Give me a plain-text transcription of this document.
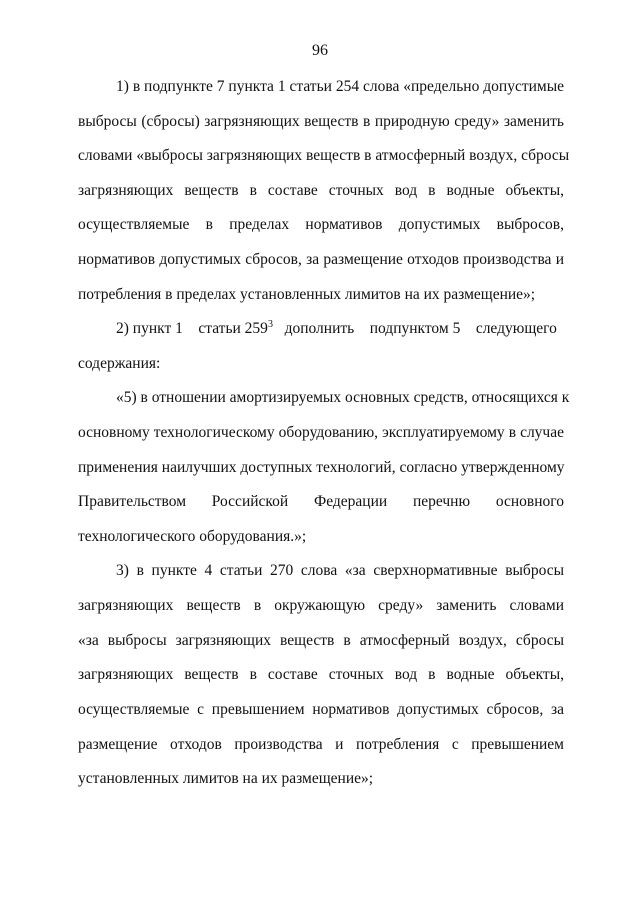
96
1) в подпункте 7 пункта 1 статьи 254 слова «предельно допустимые
выбросы (сбросы) загрязняющих веществ в природную среду» заменить
словами «выбросы загрязняющих веществ в атмосферный воздух, сбросы
загрязняющих веществ в составе сточных вод в водные объекты,
осуществляемые в пределах нормативов допустимых выбросов,
нормативов допустимых сбросов, за размещение отходов производства и
потребления в пределах установленных лимитов на их размещение»;
2) пункт 1    статьи $259^3$   дополнить    подпунктом 5    следующего
содержания:
«5) в отношении амортизируемых основных средств, относящихся к
основному технологическому оборудованию, эксплуатируемому в случае
применения наилучших доступных технологий, согласно утвержденному
Правительством Российской Федерации перечню основного
технологического оборудования.»;
3) в пункте 4 статьи 270 слова «за сверхнормативные выбросы
загрязняющих веществ в окружающую среду» заменить словами
«за выбросы загрязняющих веществ в атмосферный воздух, сбросы
загрязняющих веществ в составе сточных вод в водные объекты,
осуществляемые с превышением нормативов допустимых сбросов, за
размещение отходов производства и потребления с превышением
установленных лимитов на их размещение»;
